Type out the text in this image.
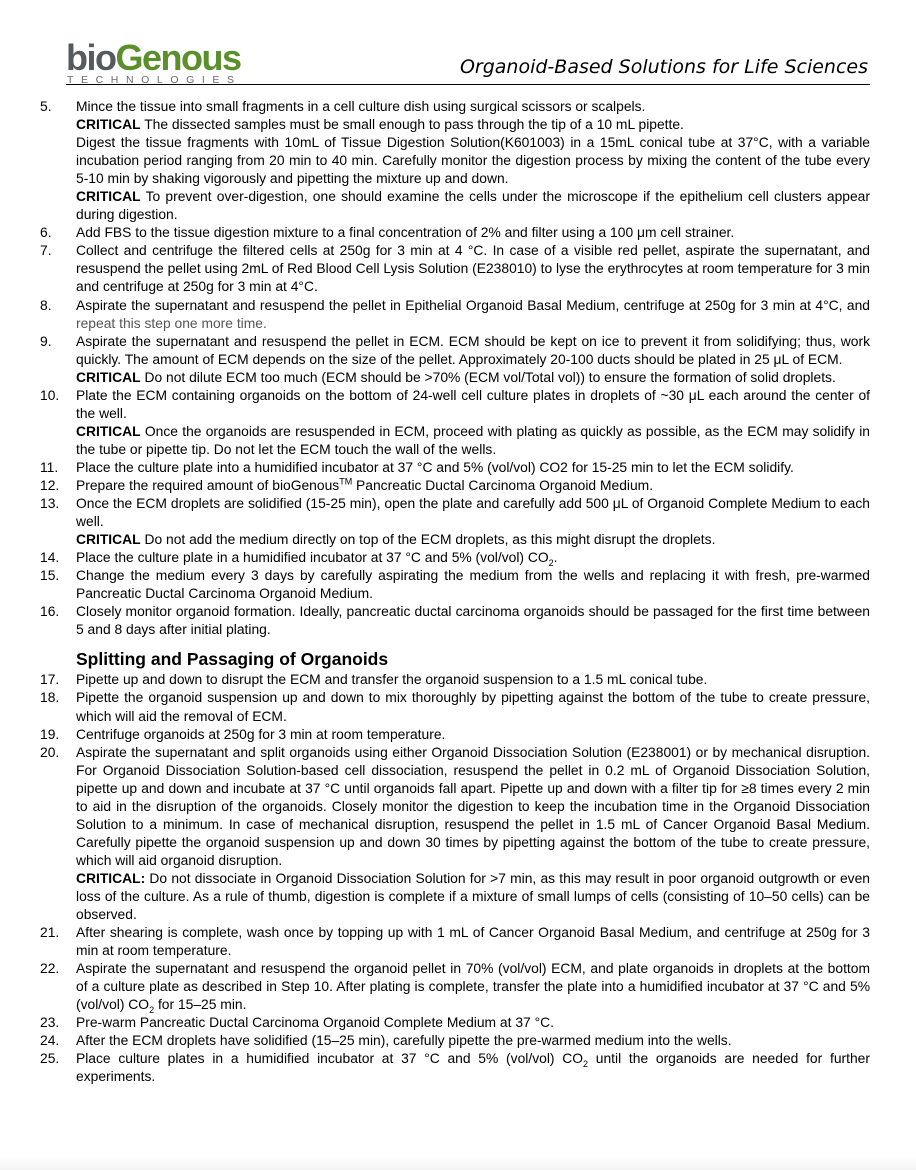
bioGenous
TECHNOLOGIES
Organoid-Based Solutions for Life Sciences
5.	Mince the tissue into small fragments in a cell culture dish using surgical scissors or scalpels.

CRITICAL The dissected samples must be small enough to pass through the tip of a 10 mL pipette.

Digest the tissue fragments with 10mL of Tissue Digestion Solution(K601003) in a 15mL conical tube at 37°C, with a variable incubation period ranging from 20 min to 40 min. Carefully monitor the digestion process by mixing the content of the tube every 5-10 min by shaking vigorously and pipetting the mixture up and down.

CRITICAL To prevent over-digestion, one should examine the cells under the microscope if the epithelium cell clusters appear during digestion.

6.	Add FBS to the tissue digestion mixture to a final concentration of 2% and filter using a 100 μm cell strainer.

7.	Collect and centrifuge the filtered cells at 250g for 3 min at 4 °C. In case of a visible red pellet, aspirate the supernatant, and resuspend the pellet using 2mL of Red Blood Cell Lysis Solution (E238010) to lyse the erythrocytes at room temperature for 3 min and centrifuge at 250g for 3 min at 4°C.

8.	Aspirate the supernatant and resuspend the pellet in Epithelial Organoid Basal Medium, centrifuge at 250g for 3 min at 4°C, and repeat this step one more time.

9.	Aspirate the supernatant and resuspend the pellet in ECM. ECM should be kept on ice to prevent it from solidifying; thus, work quickly. The amount of ECM depends on the size of the pellet. Approximately 20-100 ducts should be plated in 25 μL of ECM.

CRITICAL Do not dilute ECM too much (ECM should be >70% (ECM vol/Total vol)) to ensure the formation of solid droplets.

10.	Plate the ECM containing organoids on the bottom of 24-well cell culture plates in droplets of ~30 μL each around the center of the well.

CRITICAL Once the organoids are resuspended in ECM, proceed with plating as quickly as possible, as the ECM may solidify in the tube or pipette tip. Do not let the ECM touch the wall of the wells.

11.	Place the culture plate into a humidified incubator at 37 °C and 5% (vol/vol) CO2 for 15-25 min to let the ECM solidify.

12.	Prepare the required amount of bioGenous™ Pancreatic Ductal Carcinoma Organoid Medium.

13.	Once the ECM droplets are solidified (15-25 min), open the plate and carefully add 500 μL of Organoid Complete Medium to each well.

CRITICAL Do not add the medium directly on top of the ECM droplets, as this might disrupt the droplets.

14.	Place the culture plate in a humidified incubator at 37 °C and 5% (vol/vol) $CO_2$.

15.	Change the medium every 3 days by carefully aspirating the medium from the wells and replacing it with fresh, pre-warmed Pancreatic Ductal Carcinoma Organoid Medium.

16.	Closely monitor organoid formation. Ideally, pancreatic ductal carcinoma organoids should be passaged for the first time between 5 and 8 days after initial plating.

Splitting and Passaging of Organoids
17.	Pipette up and down to disrupt the ECM and transfer the organoid suspension to a 1.5 mL conical tube.

18.	Pipette the organoid suspension up and down to mix thoroughly by pipetting against the bottom of the tube to create pressure, which will aid the removal of ECM.

19.	Centrifuge organoids at 250g for 3 min at room temperature.

20.	Aspirate the supernatant and split organoids using either Organoid Dissociation Solution (E238001) or by mechanical disruption. For Organoid Dissociation Solution-based cell dissociation, resuspend the pellet in 0.2 mL of Organoid Dissociation Solution, pipette up and down and incubate at 37 °C until organoids fall apart. Pipette up and down with a filter tip for ≥8 times every 2 min to aid in the disruption of the organoids. Closely monitor the digestion to keep the incubation time in the Organoid Dissociation Solution to a minimum. In case of mechanical disruption, resuspend the pellet in 1.5 mL of Cancer Organoid Basal Medium. Carefully pipette the organoid suspension up and down 30 times by pipetting against the bottom of the tube to create pressure, which will aid organoid disruption.

CRITICAL: Do not dissociate in Organoid Dissociation Solution for >7 min, as this may result in poor organoid outgrowth or even loss of the culture. As a rule of thumb, digestion is complete if a mixture of small lumps of cells (consisting of 10–50 cells) can be observed.

21.	After shearing is complete, wash once by topping up with 1 mL of Cancer Organoid Basal Medium, and centrifuge at 250g for 3 min at room temperature.

22.	Aspirate the supernatant and resuspend the organoid pellet in 70% (vol/vol) ECM, and plate organoids in droplets at the bottom of a culture plate as described in Step 10. After plating is complete, transfer the plate into a humidified incubator at 37 °C and 5% (vol/vol) $CO_2$ for 15–25 min.

23.	Pre-warm Pancreatic Ductal Carcinoma Organoid Complete Medium at 37 °C.

24.	After the ECM droplets have solidified (15–25 min), carefully pipette the pre-warmed medium into the wells.

25.	Place culture plates in a humidified incubator at 37 °C and 5% (vol/vol) $CO_2$ until the organoids are needed for further experiments.
